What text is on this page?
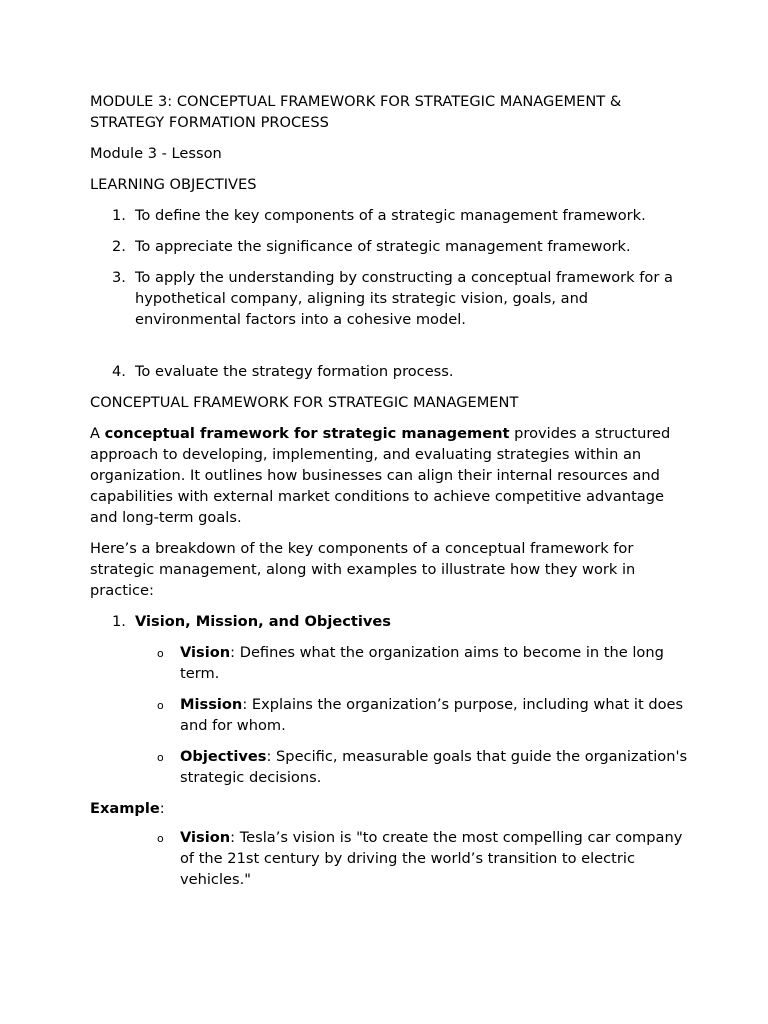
MODULE 3: CONCEPTUAL FRAMEWORK FOR STRATEGIC MANAGEMENT & STRATEGY FORMATION PROCESS

Module 3 - Lesson

LEARNING OBJECTIVES

1. To define the key components of a strategic management framework.
2. To appreciate the significance of strategic management framework.
3. To apply the understanding by constructing a conceptual framework for a hypothetical company, aligning its strategic vision, goals, and environmental factors into a cohesive model.
4. To evaluate the strategy formation process.

CONCEPTUAL FRAMEWORK FOR STRATEGIC MANAGEMENT

A conceptual framework for strategic management provides a structured approach to developing, implementing, and evaluating strategies within an organization. It outlines how businesses can align their internal resources and capabilities with external market conditions to achieve competitive advantage and long-term goals.

Here’s a breakdown of the key components of a conceptual framework for strategic management, along with examples to illustrate how they work in practice:

1. Vision, Mission, and Objectives
o Vision: Defines what the organization aims to become in the long term.
o Mission: Explains the organization’s purpose, including what it does and for whom.
o Objectives: Specific, measurable goals that guide the organization's strategic decisions.

Example:

o Vision: Tesla’s vision is "to create the most compelling car company of the 21st century by driving the world’s transition to electric vehicles."
